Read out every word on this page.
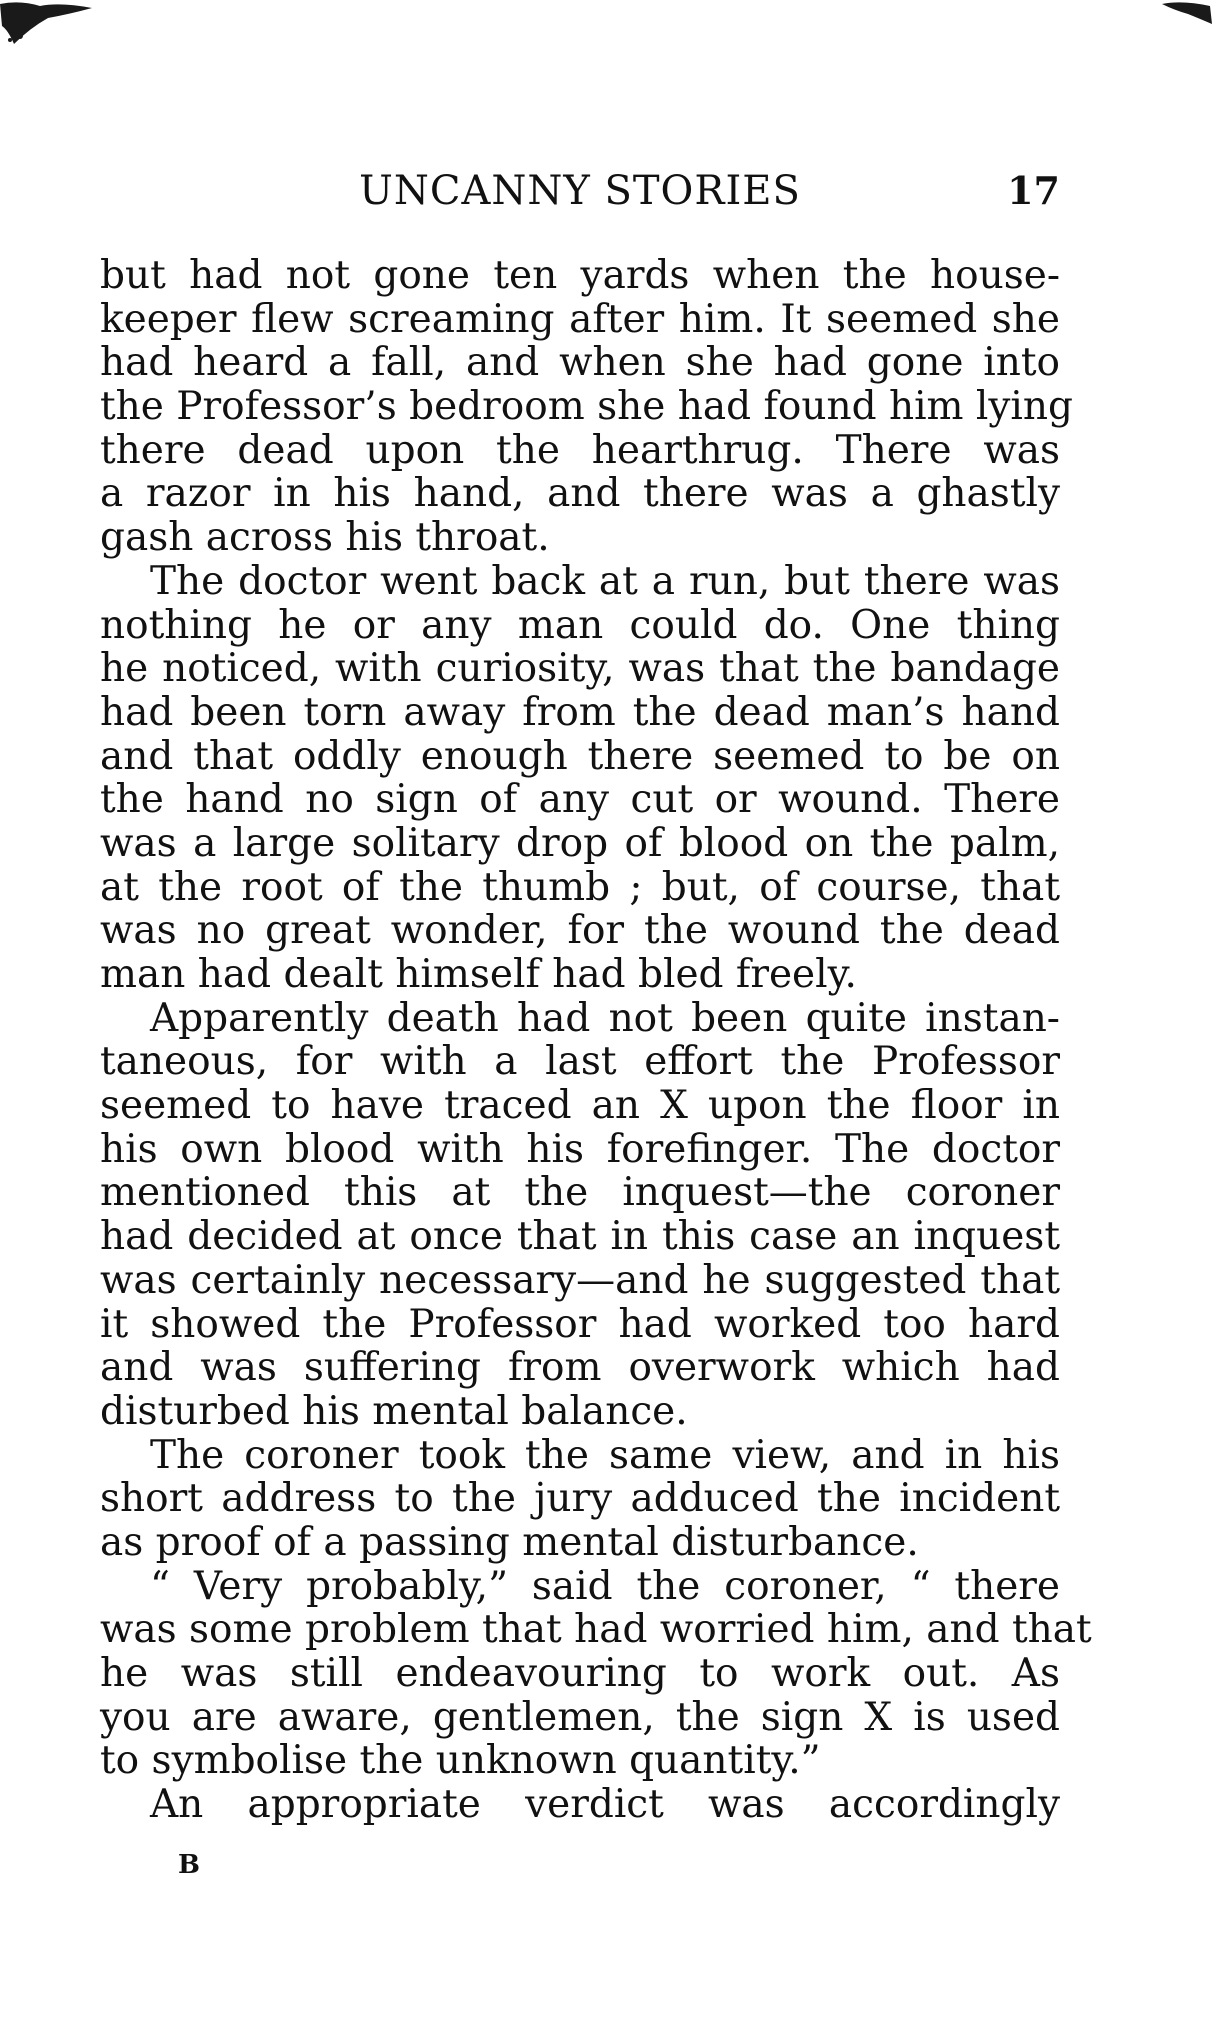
UNCANNY STORIES	17
but had not gone ten yards when the house-
keeper flew screaming after him. It seemed she
had heard a fall, and when she had gone into
the Professor’s bedroom she had found him lying
there dead upon the hearthrug. There was
a razor in his hand, and there was a ghastly
gash across his throat.
The doctor went back at a run, but there was
nothing he or any man could do. One thing
he noticed, with curiosity, was that the bandage
had been torn away from the dead man’s hand
and that oddly enough there seemed to be on
the hand no sign of any cut or wound. There
was a large solitary drop of blood on the palm,
at the root of the thumb ; but, of course, that
was no great wonder, for the wound the dead
man had dealt himself had bled freely.
Apparently death had not been quite instan-
taneous, for with a last effort the Professor
seemed to have traced an X upon the floor in
his own blood with his forefinger. The doctor
mentioned this at the inquest—the coroner
had decided at once that in this case an inquest
was certainly necessary—and he suggested that
it showed the Professor had worked too hard
and was suffering from overwork which had
disturbed his mental balance.
The coroner took the same view, and in his
short address to the jury adduced the incident
as proof of a passing mental disturbance.
“ Very probably,” said the coroner, “ there
was some problem that had worried him, and that
he was still endeavouring to work out. As
you are aware, gentlemen, the sign X is used
to symbolise the unknown quantity.”
An appropriate verdict was accordingly
B
